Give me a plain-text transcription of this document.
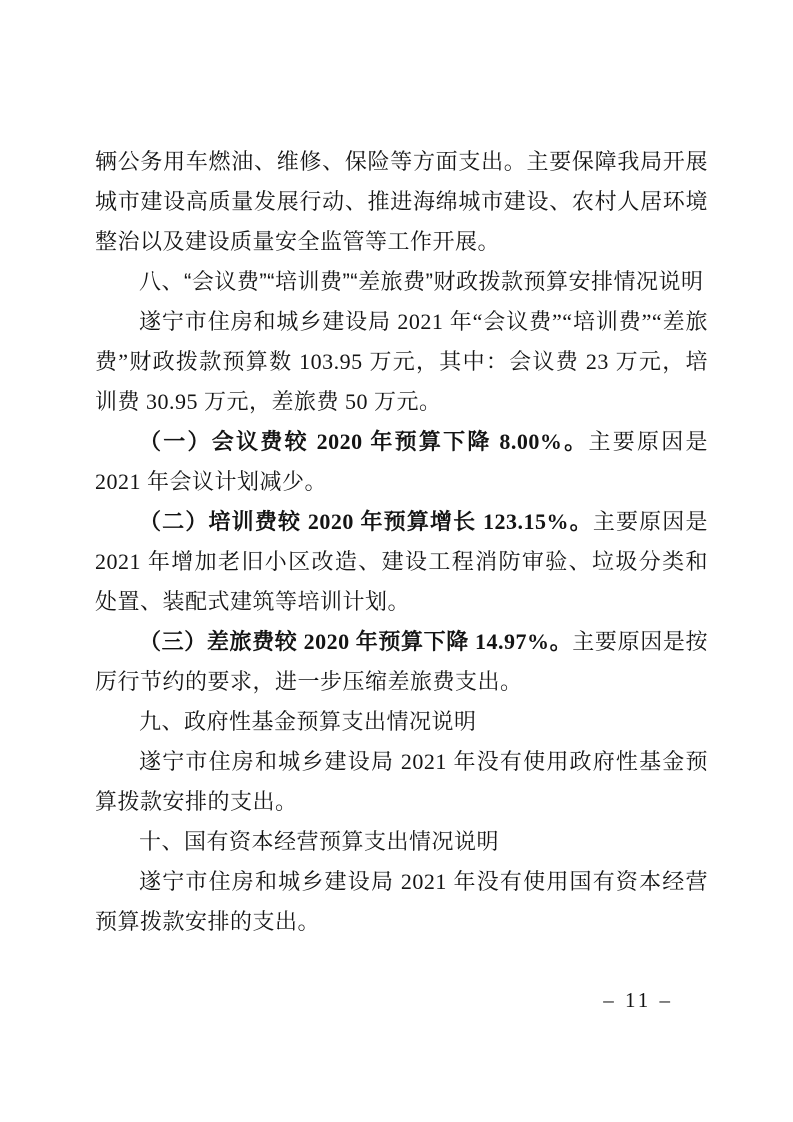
辆公务用车燃油、维修、保险等方面支出。主要保障我局开展城市建设高质量发展行动、推进海绵城市建设、农村人居环境整治以及建设质量安全监管等工作开展。

八、“会议费”“培训费”“差旅费”财政拨款预算安排情况说明

遂宁市住房和城乡建设局 2021 年“会议费”“培训费”“差旅费”财政拨款预算数 103.95 万元，其中：会议费 23 万元，培训费 30.95 万元，差旅费 50 万元。

（一）会议费较 2020 年预算下降 8.00%。主要原因是 2021 年会议计划减少。

（二）培训费较 2020 年预算增长 123.15%。主要原因是 2021 年增加老旧小区改造、建设工程消防审验、垃圾分类和处置、装配式建筑等培训计划。

（三）差旅费较 2020 年预算下降 14.97%。主要原因是按厉行节约的要求，进一步压缩差旅费支出。

九、政府性基金预算支出情况说明

遂宁市住房和城乡建设局 2021 年没有使用政府性基金预算拨款安排的支出。

十、国有资本经营预算支出情况说明

遂宁市住房和城乡建设局 2021 年没有使用国有资本经营预算拨款安排的支出。

– 11 –
